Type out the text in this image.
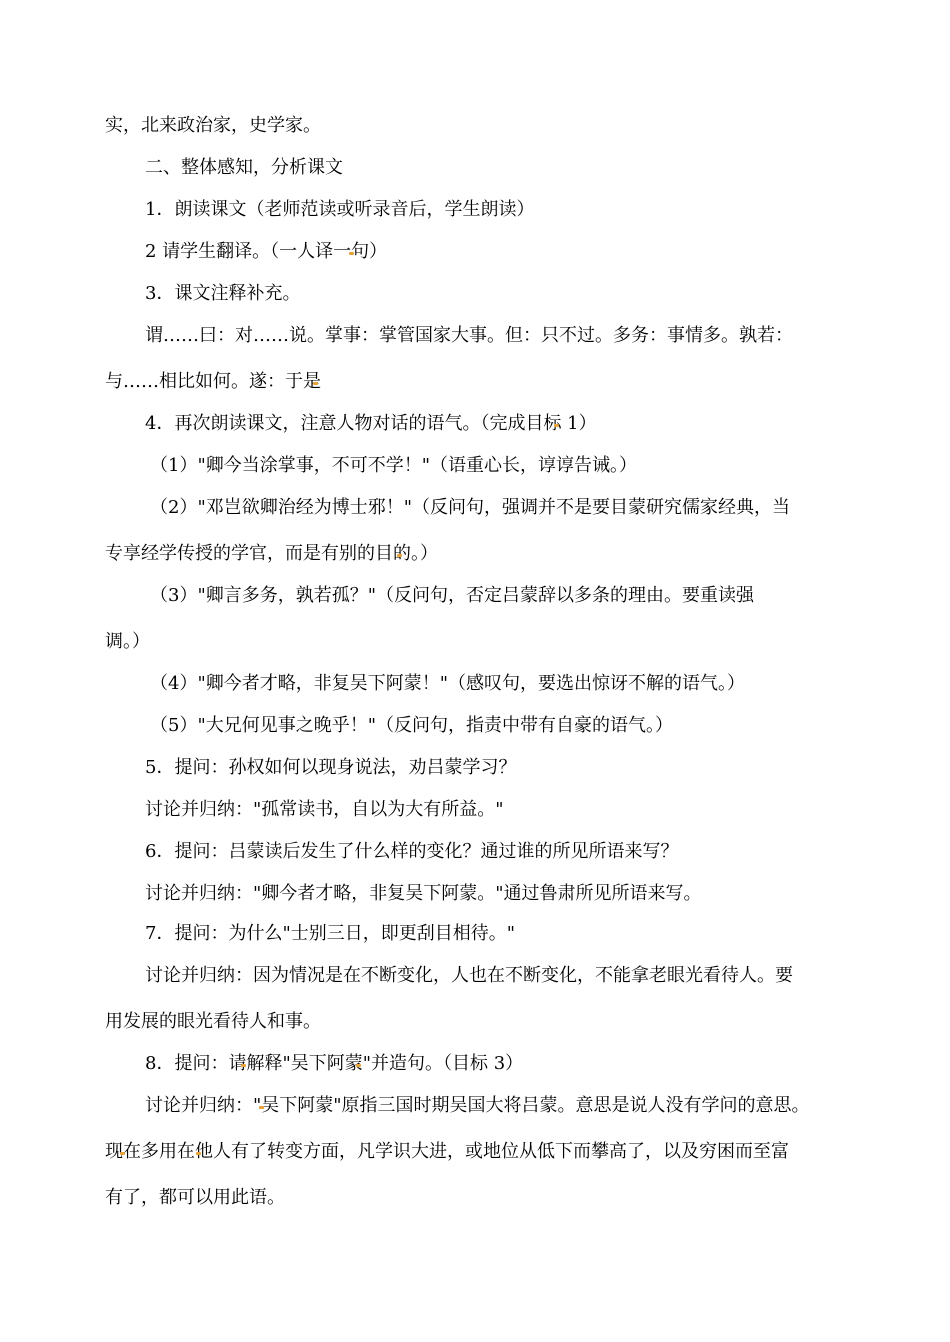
实，北来政治家，史学家。
二、整体感知，分析课文
1．朗读课文（老师范读或听录音后，学生朗读）
2 请学生翻译。（一人译一句）
3．课文注释补充。
谓……曰：对……说。掌事：掌管国家大事。但：只不过。多务：事情多。孰若：
与……相比如何。遂：于是
4．再次朗读课文，注意人物对话的语气。（完成目标 1）
（1）"卿今当涂掌事，不可不学！"（语重心长，谆谆告诫。）
（2）"邓岂欲卿治经为博士邪！"（反问句，强调并不是要目蒙研究儒家经典，当
专享经学传授的学官，而是有别的目的。）
（3）"卿言多务，孰若孤？"（反问句，否定吕蒙辞以多条的理由。要重读强
调。）
（4）"卿今者才略，非复吴下阿蒙！"（感叹句，要选出惊讶不解的语气。）
（5）"大兄何见事之晚乎！"（反问句，指责中带有自豪的语气。）
5．提问：孙权如何以现身说法，劝吕蒙学习？
讨论并归纳："孤常读书，自以为大有所益。"
6．提问：吕蒙读后发生了什么样的变化？通过谁的所见所语来写？
讨论并归纳："卿今者才略，非复吴下阿蒙。"通过鲁肃所见所语来写。
7．提问：为什么"士别三日，即更刮目相待。"
讨论并归纳：因为情况是在不断变化，人也在不断变化，不能拿老眼光看待人。要
用发展的眼光看待人和事。
8．提问：请解释"吴下阿蒙"并造句。（目标 3）
讨论并归纳："吴下阿蒙"原指三国时期吴国大将吕蒙。意思是说人没有学问的意思。
现在多用在他人有了转变方面，凡学识大进，或地位从低下而攀高了，以及穷困而至富
有了，都可以用此语。
